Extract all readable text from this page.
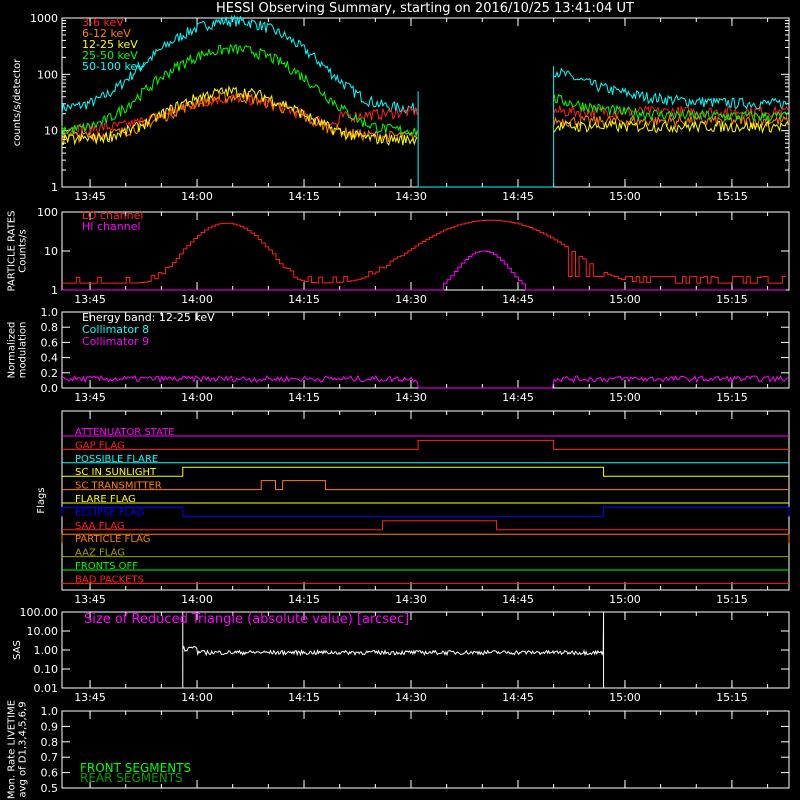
HESSI Observing Summary, starting on 2016/10/25 13:41:04 UT
13:45	14:00	14:15	14:30	14:45	15:00	15:15
counts/s/detector
1
10
100
1000 3-6 keV
6-12 keV
12-25 keV
25-50 keV
50-100 keV
13:45	14:00	14:15	14:30	14:45	15:00	15:15
PARTICLE RATES Counts/s
1
10
100 LO channel
HI channel
13:45	14:00	14:15	14:30	14:45	15:00	15:15
Normalized modulation
0.0
0.2
0.4
0.6
0.8
1.0 Energy band: 12-25 keV
Collimator 8
Collimator 9
13:45	14:00	14:15	14:30	14:45	15:00	15:15
Flags
ATTENUATOR STATE
GAP FLAG
POSSIBLE FLARE
SC IN SUNLIGHT
SC TRANSMITTER
FLARE FLAG
ECLIPSE FLAG
SAA FLAG
PARTICLE FLAG
AAZ FLAG
FRONTS OFF
BAD PACKETS
13:45	14:00	14:15	14:30	14:45	15:00	15:15
SAS
0.01
0.10
1.00
10.00
100.00 Size of Reduced Triangle (absolute value) [arcsec]
Mon. Rate LIVETIME avg of D1,3,4,5,6,9 0.5
0.6
0.7
0.8
0.9
1.0
FRONT SEGMENTS
REAR SEGMENTS
